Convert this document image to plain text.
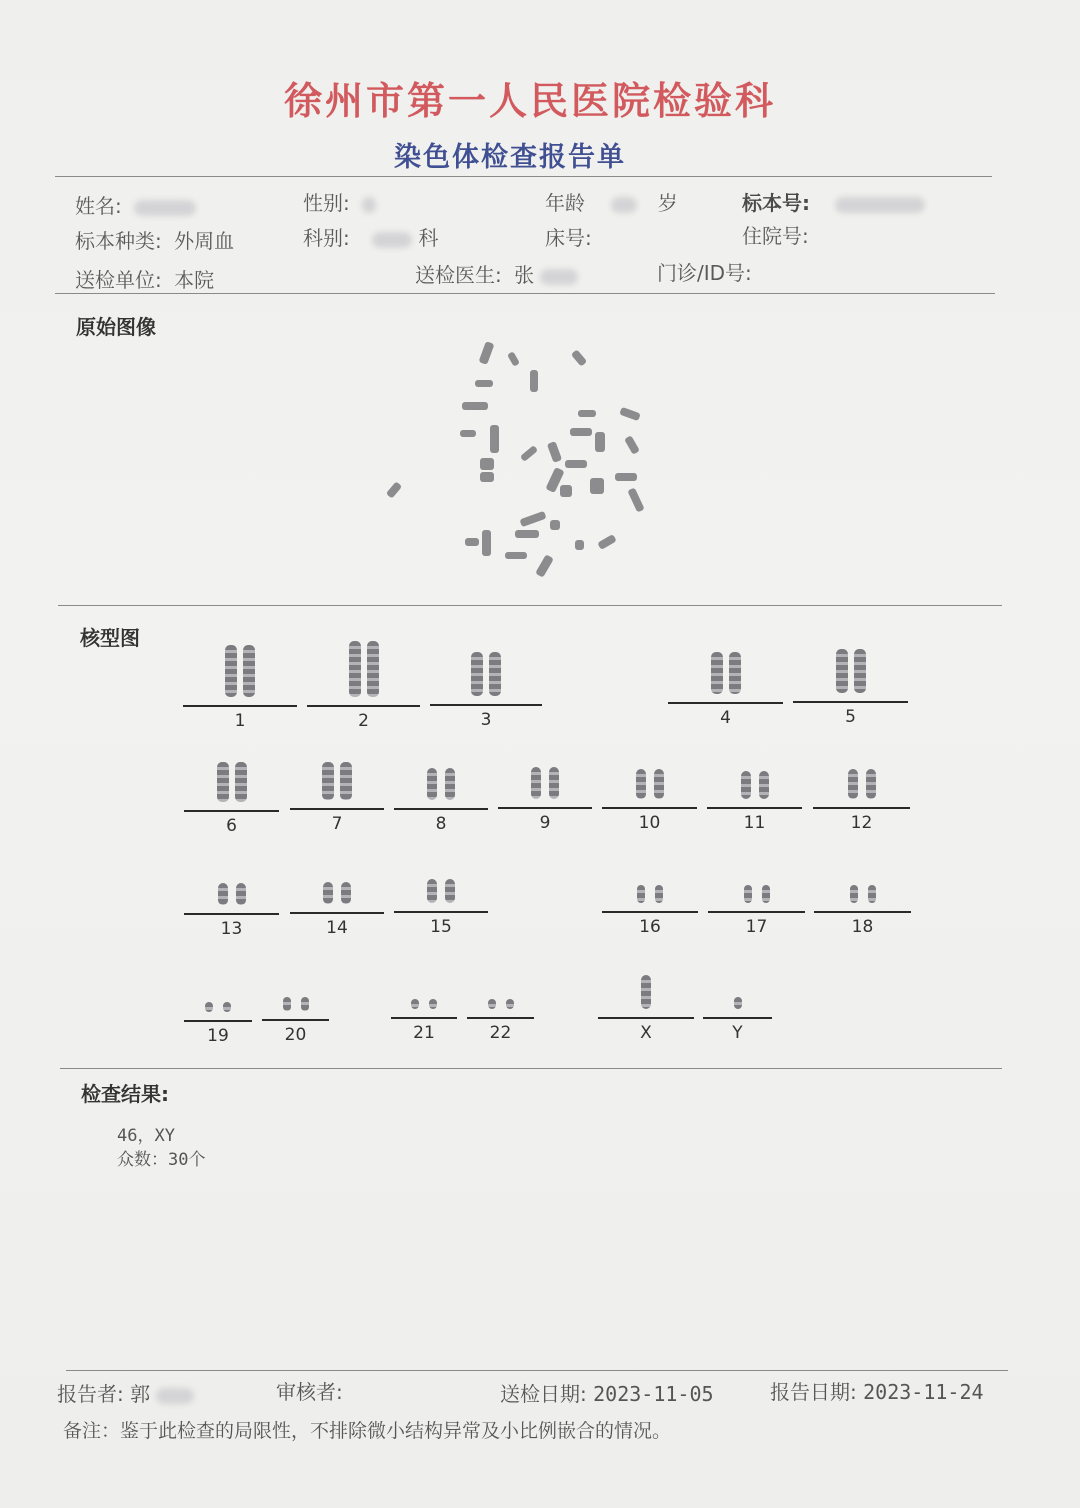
徐州市第一人民医院检验科
染色体检查报告单
姓名:	性别:	年龄	岁	标本号:
标本种类: 外周血	科别:	科	床号:	住院号:
送检单位: 本院	送检医生: 张	门诊/ID号:
原始图像
核型图
1	2	3	4	5
6	7	8	9	10	11	12
13	14	15	16	17	18
19	20	21	22	X	Y
检查结果:
46，XY
众数：30个
报告者: 郭	审核者:	送检日期: 2023-11-05	报告日期: 2023-11-24
备注：鉴于此检查的局限性，不排除微小结构异常及小比例嵌合的情况。
